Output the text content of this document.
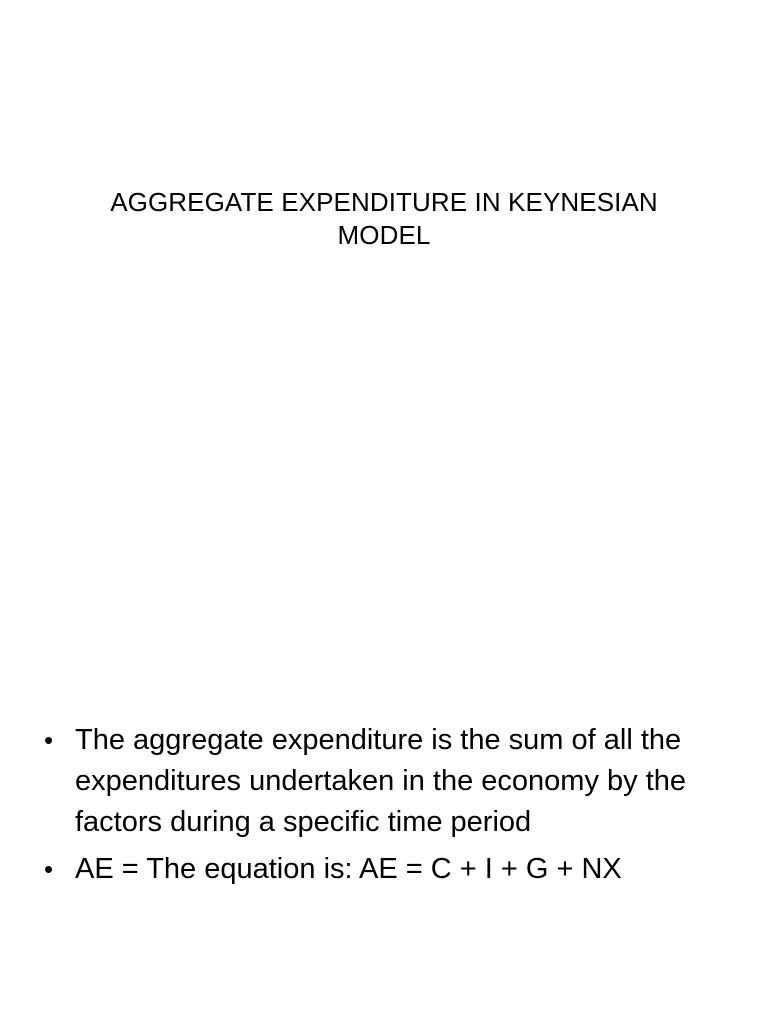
AGGREGATE EXPENDITURE IN KEYNESIAN
MODEL
• The aggregate expenditure is the sum of all the expenditures undertaken in the economy by the factors during a specific time period
• AE = The equation is: AE = C + I + G + NX
